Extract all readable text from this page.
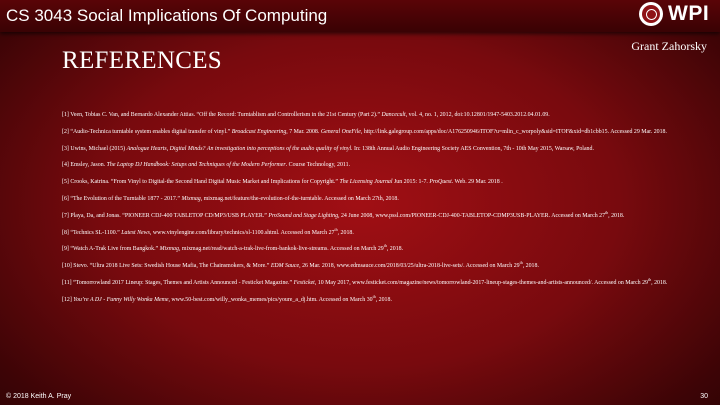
CS 3043 Social Implications Of Computing	WPI
Grant Zahorsky
REFERENCES
[1] Veen, Tobias C. Van, and Bernardo Alexander Attias. “Off the Record: Turntablism and Controllerism in the 21st Century (Part 2).” Dancecult, vol. 4, no. 1, 2012, doi:10.12801/1947-5403.2012.04.01.09.
[2] “Audio-Technica turntable system enables digital transfer of vinyl.” Broadcast Engineering, 7 Mar. 2008. General OneFile, http://link.galegroup.com/apps/doc/A176250946/ITOF?u=mlin_c_worpoly&sid=ITOF&xid=db1cbb15. Accessed 29 Mar. 2018.
[3] Uwins, Michael (2015) Analogue Hearts, Digital Minds? An investigation into perceptions of the audio quality of vinyl. In: 138th Annual Audio Engineering Society AES Convention, 7th - 10th May 2015, Warsaw, Poland.
[4] Emsley, Jason. The Laptop DJ Handbook: Setups and Techniques of the Modern Performer. Course Technology, 2011.
[5] Crooks, Katrina. “From Vinyl to Digital-the Second Hand Digital Music Market and Implications for Copyright.” The Licensing Journal Jun 2015: 1-7. ProQuest. Web. 29 Mar. 2018 .
[6] “The Evolution of the Turntable 1877 - 2017.” Mixmag, mixmag.net/feature/the-evolution-of-the-turntable. Accessed on March 27th, 2018.
[7] Playa, Da, and Jonas. “PIONEER CDJ-400 TABLETOP CD/MP3/USB PLAYER.” ProSound and Stage Lighting, 24 June 2008, www.pssl.com/PIONEER-CDJ-400-TABLETOP-CDMP3USB-PLAYER. Accessed on March 27th, 2018.
[8] “Technics SL-1100.” Latest News, www.vinylengine.com/library/technics/sl-1100.shtml. Accessed on March 27th, 2018.
[9] “Watch A-Trak Live from Bangkok.” Mixmag, mixmag.net/read/watch-a-trak-live-from-bankok-live-streams. Accessed on March 29th, 2018.
[10] Stevo. “Ultra 2018 Live Sets: Swedish House Mafia, The Chainsmokers, & More.” EDM Sauce, 26 Mar. 2018, www.edmsauce.com/2018/03/25/ultra-2018-live-sets/. Accessed on March 29th, 2018.
[11] “Tomorrowland 2017 Lineup: Stages, Themes and Artists Announced - Festicket Magazine.” Festicket, 10 May 2017, www.festicket.com/magazine/news/tomorrowland-2017-lineup-stages-themes-and-artists-announced/. Accessed on March 29th, 2018.
[12] You’re A DJ - Funny Willy Wonka Meme, www.50-best.com/willy_wonka_memes/pics/youre_a_dj.htm. Accessed on March 30th, 2018.
© 2018 Keith A. Pray	30
